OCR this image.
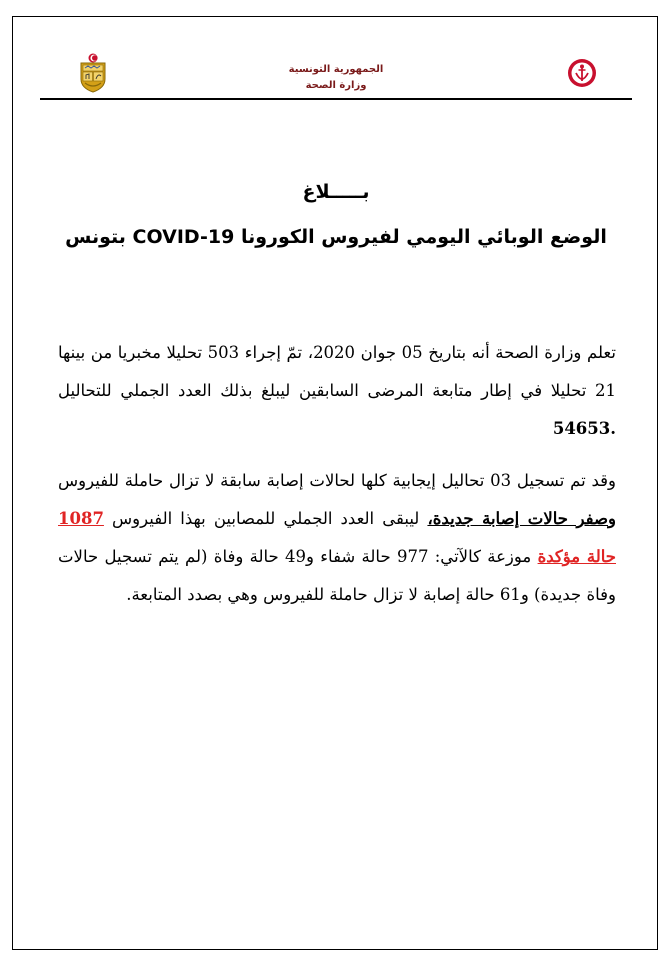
الجمهورية التونسية
وزارة الصحة
بـــــلاغ
الوضع الوبائي اليومي لفيروس الكورونا COVID-19 بتونس

تعلم وزارة الصحة أنه بتاريخ 05 جوان 2020، تمّ إجراء 503 تحليلا مخبريا من بينها 21 تحليلا في إطار متابعة المرضى السابقين ليبلغ بذلك العدد الجملي للتحاليل 54653.

وقد تم تسجيل 03 تحاليل إيجابية كلها لحالات إصابة سابقة لا تزال حاملة للفيروس وصفر حالات إصابة جديدة، ليبقى العدد الجملي للمصابين بهذا الفيروس 1087 حالة مؤكدة موزعة كالآتي: 977 حالة شفاء و49 حالة وفاة (لم يتم تسجيل حالات وفاة جديدة) و61 حالة إصابة لا تزال حاملة للفيروس وهي بصدد المتابعة.
